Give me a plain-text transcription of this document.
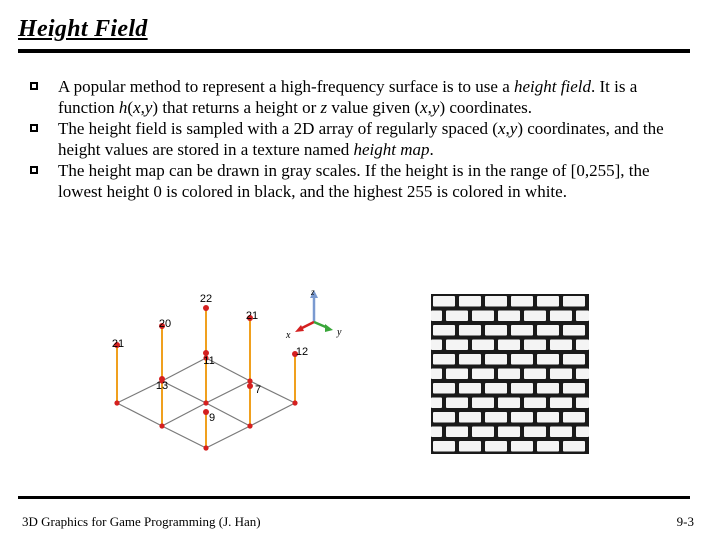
Height Field
A popular method to represent a high-frequency surface is to use a height field. It is a function h(x,y) that returns a height or z value given (x,y) coordinates.
The height field is sampled with a 2D array of regularly spaced (x,y) coordinates, and the height values are stored in a texture named height map.
The height map can be drawn in gray scales. If the height is in the range of [0,255], the lowest height 0 is colored in black, and the highest 255 is colored in white.
22
20
21
21
11
12
13	7
9
z
x	y
3D Graphics for Game Programming (J. Han)	9-3
